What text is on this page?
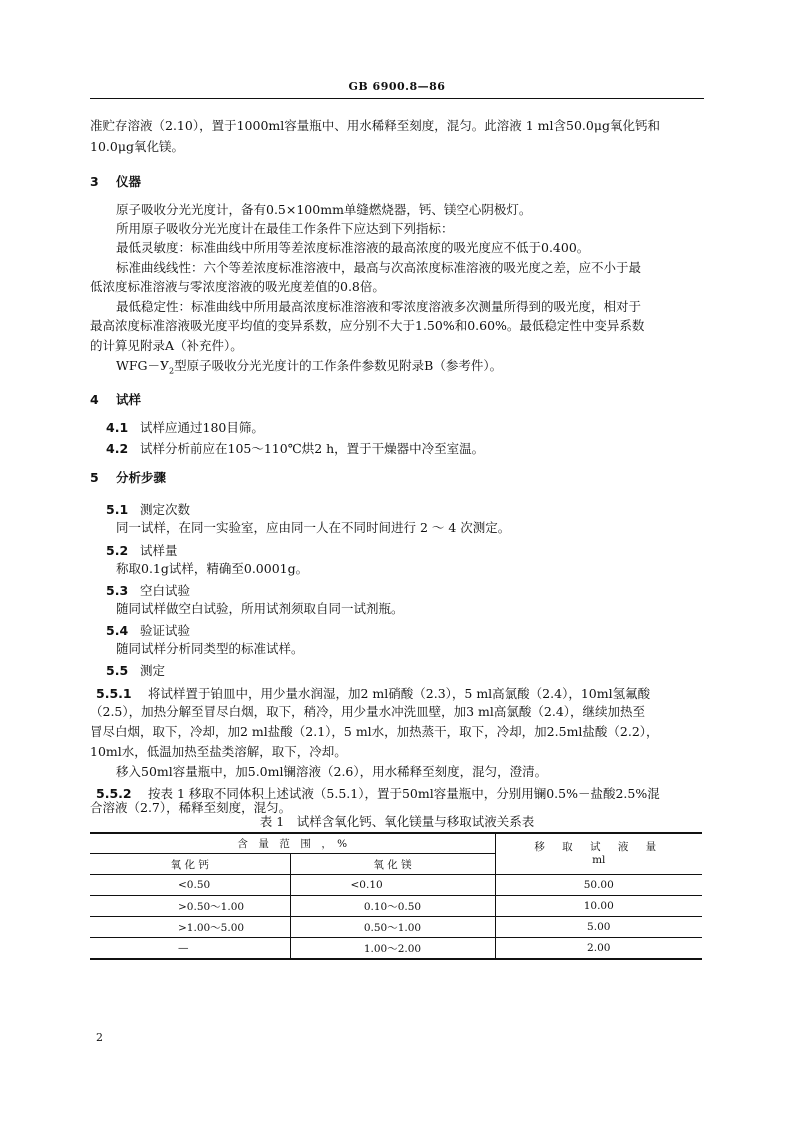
GB 6900.8—86
准贮存溶液（2.10），置于1000ml容量瓶中、用水稀释至刻度，混匀。此溶液 1 ml含50.0μg氧化钙和
10.0μg氧化镁。
3 仪器
原子吸收分光光度计，备有0.5×100mm单缝燃烧器，钙、镁空心阴极灯。
所用原子吸收分光光度计在最佳工作条件下应达到下列指标：
最低灵敏度：标准曲线中所用等差浓度标准溶液的最高浓度的吸光度应不低于0.400。
标准曲线线性：六个等差浓度标准溶液中，最高与次高浓度标准溶液的吸光度之差，应不小于最
低浓度标准溶液与零浓度溶液的吸光度差值的0.8倍。
最低稳定性：标准曲线中所用最高浓度标准溶液和零浓度溶液多次测量所得到的吸光度，相对于
最高浓度标准溶液吸光度平均值的变异系数，应分别不大于1.50%和0.60%。最低稳定性中变异系数
的计算见附录A（补充件）。
$WFG-У_2$型原子吸收分光光度计的工作条件参数见附录B（参考件）。
4 试样
4.1 试样应通过180目筛。
4.2 试样分析前应在105～110℃烘2 h，置于干燥器中冷至室温。
5 分析步骤
5.1 测定次数
同一试样，在同一实验室，应由同一人在不同时间进行 2 ～ 4 次测定。
5.2 试样量
称取0.1g试样，精确至0.0001g。
5.3 空白试验
随同试样做空白试验，所用试剂须取自同一试剂瓶。
5.4 验证试验
随同试样分析同类型的标准试样。
5.5 测定
5.5.1 将试样置于铂皿中，用少量水润湿，加2 ml硝酸（2.3），5 ml高氯酸（2.4），10ml氢氟酸
（2.5），加热分解至冒尽白烟，取下，稍冷，用少量水冲洗皿壁，加3 ml高氯酸（2.4），继续加热至
冒尽白烟，取下，冷却，加2 ml盐酸（2.1），5 ml水，加热蒸干，取下，冷却，加2.5ml盐酸（2.2），
10ml水，低温加热至盐类溶解，取下，冷却。
移入50ml容量瓶中，加5.0ml镧溶液（2.6），用水稀释至刻度，混匀，澄清。
5.5.2 按表 1 移取不同体积上述试液（5.5.1），置于50ml容量瓶中，分别用镧0.5%－盐酸2.5%混
合溶液（2.7），稀释至刻度，混匀。
表 1　试样含氧化钙、氧化镁量与移取试液关系表
含　量　范　围　，　%		移 取 试 液 量
ml

氧 化 钙	氧 化 镁	
<0.50	<0.10	50.00
>0.50～1.00	0.10～0.50	10.00
>1.00～5.00	0.50～1.00	5.00
—	1.00～2.00	2.00
2
